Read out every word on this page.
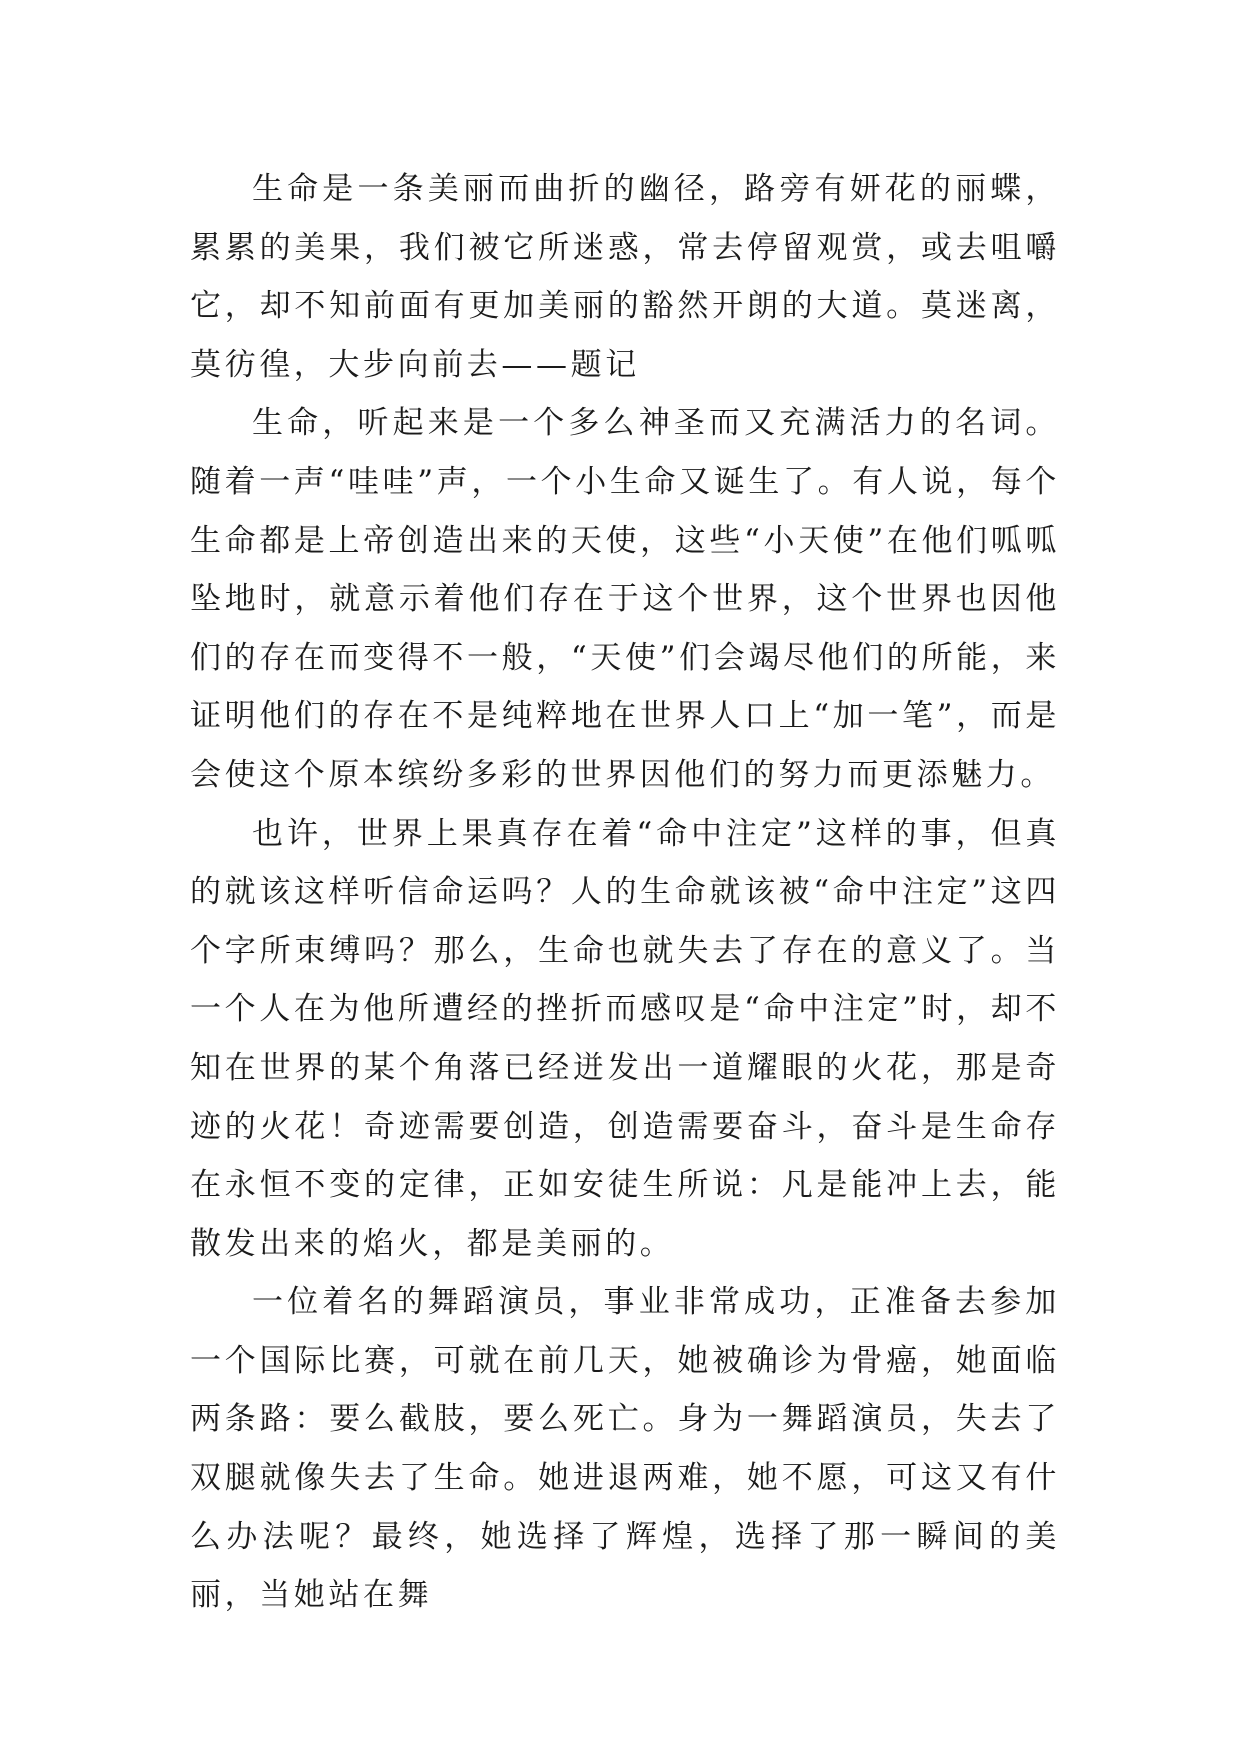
生命是一条美丽而曲折的幽径，路旁有妍花的丽蝶，累累的美果，我们被它所迷惑，常去停留观赏，或去咀嚼它，却不知前面有更加美丽的豁然开朗的大道。莫迷离，莫彷徨，大步向前去——题记

生命，听起来是一个多么神圣而又充满活力的名词。随着一声“哇哇”声，一个小生命又诞生了。有人说，每个生命都是上帝创造出来的天使，这些“小天使”在他们呱呱坠地时，就意示着他们存在于这个世界，这个世界也因他们的存在而变得不一般，“天使”们会竭尽他们的所能，来证明他们的存在不是纯粹地在世界人口上“加一笔”，而是会使这个原本缤纷多彩的世界因他们的努力而更添魅力。

也许，世界上果真存在着“命中注定”这样的事，但真的就该这样听信命运吗？人的生命就该被“命中注定”这四个字所束缚吗？那么，生命也就失去了存在的意义了。当一个人在为他所遭经的挫折而感叹是“命中注定”时，却不知在世界的某个角落已经迸发出一道耀眼的火花，那是奇迹的火花！奇迹需要创造，创造需要奋斗，奋斗是生命存在永恒不变的定律，正如安徒生所说：凡是能冲上去，能散发出来的焰火，都是美丽的。

一位着名的舞蹈演员，事业非常成功，正准备去参加一个国际比赛，可就在前几天，她被确诊为骨癌，她面临两条路：要么截肢，要么死亡。身为一舞蹈演员，失去了双腿就像失去了生命。她进退两难，她不愿，可这又有什么办法呢？最终，她选择了辉煌，选择了那一瞬间的美丽，当她站在舞
